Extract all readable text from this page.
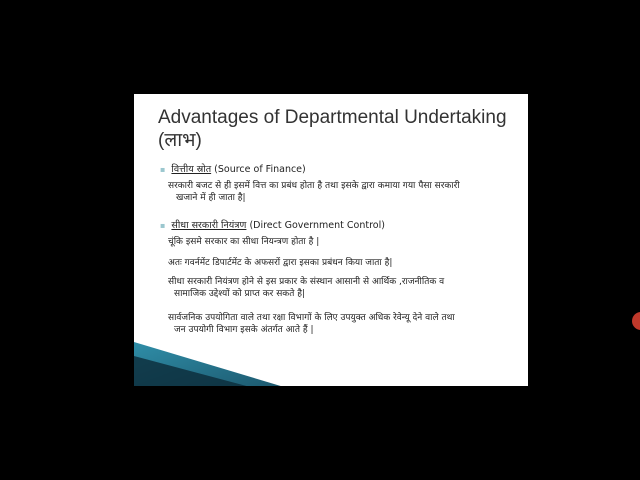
Advantages of Departmental Undertaking (लाभ)
▪ वित्तीय स्रोत (Source of Finance)
सरकारी बजट से ही इसमें वित्त का प्रबंध होता है तथा इसके द्वारा कमाया गया पैसा सरकारी
खजाने में ही जाता है|
▪ सीधा सरकारी नियंत्रण (Direct Government Control)
चूंकि इसमे सरकार का सीधा नियन्त्रण होता है |
अतः गवर्नमेंट डिपार्टमेंट के अफसरों द्वारा इसका प्रबंधन किया जाता है|
सीधा सरकारी नियंत्रण होने से इस प्रकार के संस्थान आसानी से आर्थिक ,राजनीतिक व
सामाजिक उद्देश्यों को प्राप्त कर सकते है|
सार्वजनिक उपयोगिता वाले तथा रक्षा विभागों के लिए उपयुक्त अधिक रेवेन्यू देने वाले तथा
जन उपयोगी विभाग इसके अंतर्गत आते हैं |
